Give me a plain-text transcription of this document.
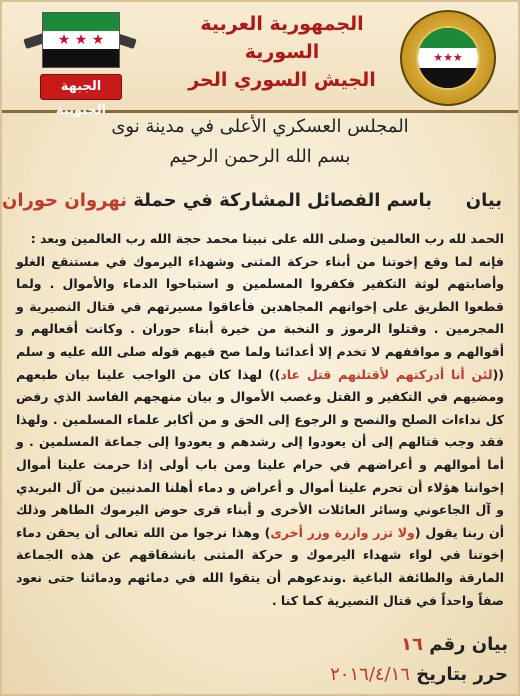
★ ★ ★
الجبهة الجنوبية
الجمهورية العربية السورية
الجيش السوري الحر
★★★
المجلس العسكري الأعلى في مدينة نوى
بسم الله الرحمن الرحيم
بيان
باسم الفصائل المشاركة في حملة نهروان حوران
الحمد لله رب العالمين وصلى الله على نبينا محمد حجة الله رب العالمين وبعد :
فإنه لما وقع إخوتنا من أبناء حركة المثنى وشهداء اليرموك في مستنقع الغلو وأصابتهم لوثة التكفير فكفروا المسلمين و استباحوا الدماء والأموال . ولما قطعوا الطريق على إخوانهم المجاهدين فأعاقوا مسيرتهم في قتال النصيرية و المجرمين . وقتلوا الرموز و النخبة من خيرة أبناء حوران . وكانت أفعالهم و أقوالهم و مواقفهم لا تخدم إلا أعدائنا ولما صح فيهم قوله صلى الله عليه و سلم ((لئن أنا أدركتهم لأقتلنهم قتل عاد)) لهذا كان من الواجب علينا بيان طبعهم ومضيهم في التكفير و القتل وغصب الأموال و بيان منهجهم الفاسد الذي رفض كل نداءات الصلح والنصح و الرجوع إلى الحق و من أكابر علماء المسلمين . ولهذا فقد وجب قتالهم إلى أن يعودوا إلى رشدهم و يعودوا إلى جماعة المسلمين . و أما أموالهم و أعراضهم في حرام علينا ومن باب أولى إذا حرمت علينا أموال إخواننا هؤلاء أن تحرم علينا أموال و أعراض و دماء أهلنا المدنيين من آل البريدي و آل الجاعوني وسائر العائلات الأخرى و أبناء قرى حوض اليرموك الطاهر وذلك أن ربنا يقول (ولا تزر وازرة وزر أخرى) وهذا نرجوا من الله تعالى أن يحقن دماء إخوتنا في لواء شهداء اليرموك و حركة المثنى بانشقاقهم عن هذه الجماعة المارقة والطائفة الباغية .وندعوهم أن يتقوا الله في دمائهم ودمائنا حتى نعود صفاً واحداً في قتال النصيرية كما كنا .
بيان رقم ١٦
حرر بتاريخ ٢٠١٦/٤/١٦
